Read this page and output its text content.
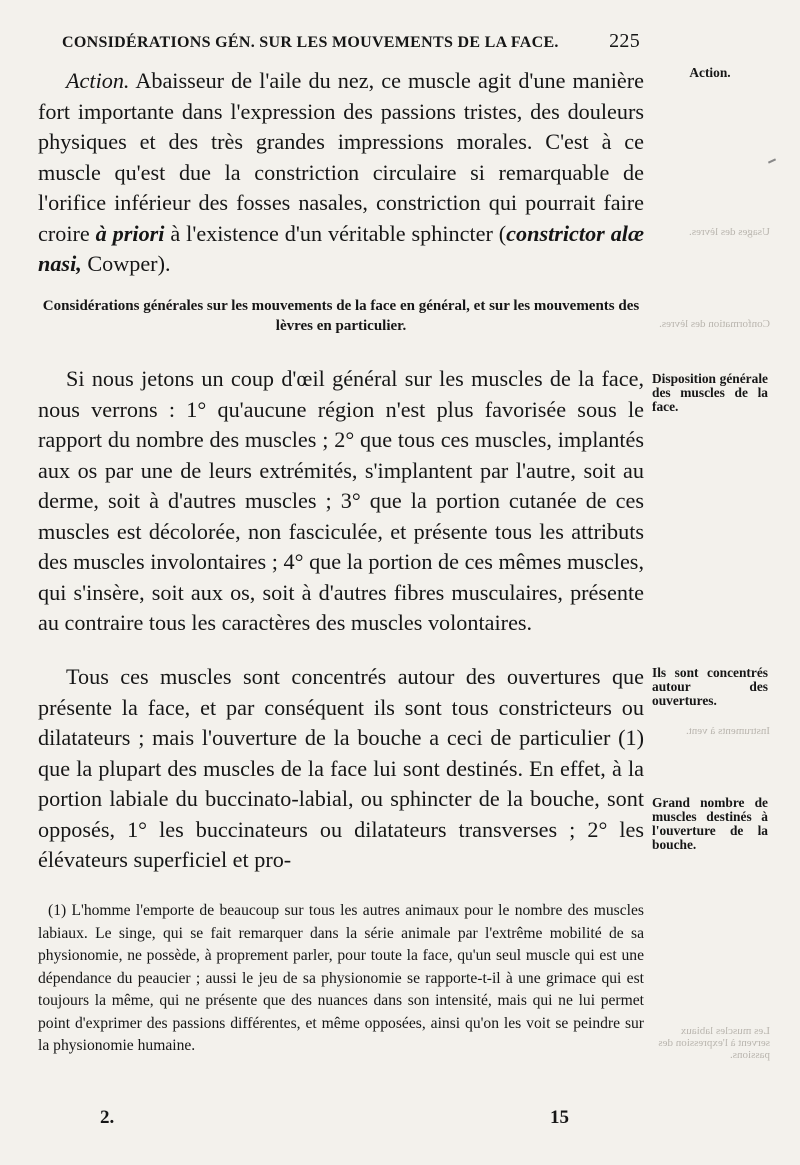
CONSIDÉRATIONS GÉN. SUR LES MOUVEMENTS DE LA FACE.	225

Action. Abaisseur de l'aile du nez, ce muscle agit d'une manière fort importante dans l'expression des passions tristes, des douleurs physiques et des très grandes impressions morales. C'est à ce muscle qu'est due la constriction circulaire si remarquable de l'orifice inférieur des fosses nasales, constriction qui pourrait faire croire à priori à l'existence d'un véritable sphincter (constrictor alæ nasi, Cowper).

Considérations générales sur les mouvements de la face en général, et sur les mouvements des lèvres en particulier.

Si nous jetons un coup d'œil général sur les muscles de la face, nous verrons : 1° qu'aucune région n'est plus favorisée sous le rapport du nombre des muscles ; 2° que tous ces muscles, implantés aux os par une de leurs extrémités, s'implantent par l'autre, soit au derme, soit à d'autres muscles ; 3° que la portion cutanée de ces muscles est décolorée, non fasciculée, et présente tous les attributs des muscles involontaires ; 4° que la portion de ces mêmes muscles, qui s'insère, soit aux os, soit à d'autres fibres musculaires, présente au contraire tous les caractères des muscles volontaires.

Tous ces muscles sont concentrés autour des ouvertures que présente la face, et par conséquent ils sont tous constricteurs ou dilatateurs ; mais l'ouverture de la bouche a ceci de particulier (1) que la plupart des muscles de la face lui sont destinés. En effet, à la portion labiale du buccinato-labial, ou sphincter de la bouche, sont opposés, 1° les buccinateurs ou dilatateurs transverses ; 2° les élévateurs superficiel et pro-

(1) L'homme l'emporte de beaucoup sur tous les autres animaux pour le nombre des muscles labiaux. Le singe, qui se fait remarquer dans la série animale par l'extrême mobilité de sa physionomie, ne possède, à proprement parler, pour toute la face, qu'un seul muscle qui est une dépendance du peaucier ; aussi le jeu de sa physionomie se rapporte-t-il à une grimace qui est toujours la même, qui ne présente que des nuances dans son intensité, mais qui ne lui permet point d'exprimer des passions différentes, et même opposées, ainsi qu'on les voit se peindre sur la physionomie humaine.

2.	15
Action.
Disposition générale des muscles de la face.
Ils sont concentrés autour des ouvertures.
Grand nombre de muscles destinés à l'ouverture de la bouche.
Usages des lèvres.
Conformation des lèvres.
Instruments à vent.
Les muscles labiaux servent à l'expression des passions.
